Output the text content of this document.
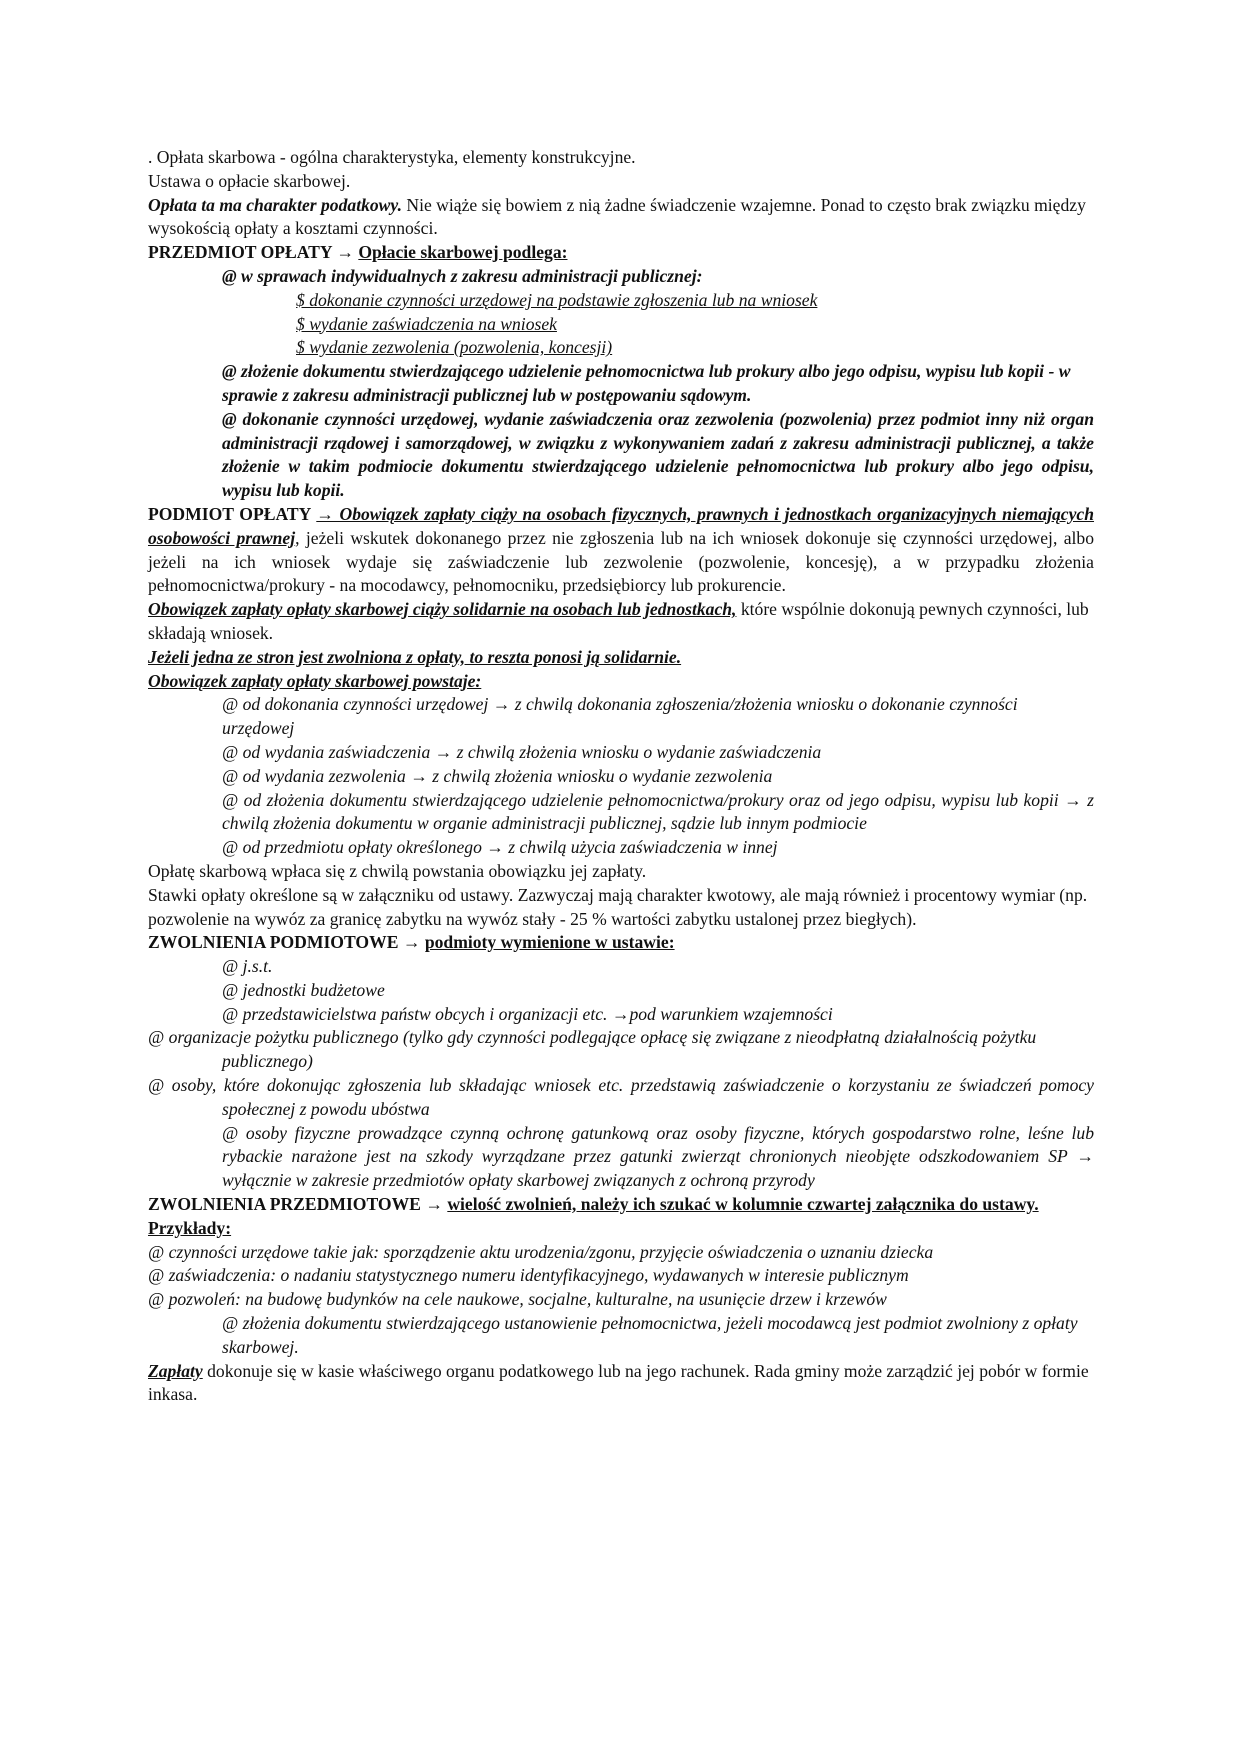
. Opłata skarbowa - ogólna charakterystyka, elementy konstrukcyjne.

Ustawa o opłacie skarbowej.

Opłata ta ma charakter podatkowy. Nie wiąże się bowiem z nią żadne świadczenie wzajemne. Ponad to często brak związku między wysokością opłaty a kosztami czynności.

PRZEDMIOT OPŁATY → Opłacie skarbowej podlega:

@ w sprawach indywidualnych z zakresu administracji publicznej:

$ dokonanie czynności urzędowej na podstawie zgłoszenia lub na wniosek

$ wydanie zaświadczenia na wniosek

$ wydanie zezwolenia (pozwolenia, koncesji)

@ złożenie dokumentu stwierdzającego udzielenie pełnomocnictwa lub prokury albo jego odpisu, wypisu lub kopii - w sprawie z zakresu administracji publicznej lub w postępowaniu sądowym.

@ dokonanie czynności urzędowej, wydanie zaświadczenia oraz zezwolenia (pozwolenia) przez podmiot inny niż organ administracji rządowej i samorządowej, w związku z wykonywaniem zadań z zakresu administracji publicznej, a także złożenie w takim podmiocie dokumentu stwierdzającego udzielenie pełnomocnictwa lub prokury albo jego odpisu, wypisu lub kopii.

PODMIOT OPŁATY → Obowiązek zapłaty ciąży na osobach fizycznych, prawnych i jednostkach organizacyjnych niemających osobowości prawnej, jeżeli wskutek dokonanego przez nie zgłoszenia lub na ich wniosek dokonuje się czynności urzędowej, albo jeżeli na ich wniosek wydaje się zaświadczenie lub zezwolenie (pozwolenie, koncesję), a w przypadku złożenia pełnomocnictwa/prokury - na mocodawcy, pełnomocniku, przedsiębiorcy lub prokurencie.

Obowiązek zapłaty opłaty skarbowej ciąży solidarnie na osobach lub jednostkach, które wspólnie dokonują pewnych czynności, lub składają wniosek.

Jeżeli jedna ze stron jest zwolniona z opłaty, to reszta ponosi ją solidarnie.

Obowiązek zapłaty opłaty skarbowej powstaje:

@ od dokonania czynności urzędowej → z chwilą dokonania zgłoszenia/złożenia wniosku o dokonanie czynności urzędowej

@ od wydania zaświadczenia → z chwilą złożenia wniosku o wydanie zaświadczenia

@ od wydania zezwolenia → z chwilą złożenia wniosku o wydanie zezwolenia

@ od złożenia dokumentu stwierdzającego udzielenie pełnomocnictwa/prokury oraz od jego odpisu, wypisu lub kopii → z chwilą złożenia dokumentu w organie administracji publicznej, sądzie lub innym podmiocie

@ od przedmiotu opłaty określonego → z chwilą użycia zaświadczenia w innej

Opłatę skarbową wpłaca się z chwilą powstania obowiązku jej zapłaty.

Stawki opłaty określone są w załączniku od ustawy. Zazwyczaj mają charakter kwotowy, ale mają również i procentowy wymiar (np. pozwolenie na wywóz za granicę zabytku na wywóz stały - 25 % wartości zabytku ustalonej przez biegłych).

ZWOLNIENIA PODMIOTOWE → podmioty wymienione w ustawie:

@ j.s.t.

@ jednostki budżetowe

@ przedstawicielstwa państw obcych i organizacji etc. →pod warunkiem wzajemności

@ organizacje pożytku publicznego (tylko gdy czynności podlegające opłacę się związane z nieodpłatną działalnością pożytku publicznego)

@ osoby, które dokonując zgłoszenia lub składając wniosek etc. przedstawią zaświadczenie o korzystaniu ze świadczeń pomocy społecznej z powodu ubóstwa

@ osoby fizyczne prowadzące czynną ochronę gatunkową oraz osoby fizyczne, których gospodarstwo rolne, leśne lub rybackie narażone jest na szkody wyrządzane przez gatunki zwierząt chronionych nieobjęte odszkodowaniem SP → wyłącznie w zakresie przedmiotów opłaty skarbowej związanych z ochroną przyrody

ZWOLNIENIA PRZEDMIOTOWE → wielość zwolnień, należy ich szukać w kolumnie czwartej załącznika do ustawy. Przykłady:

@ czynności urzędowe takie jak: sporządzenie aktu urodzenia/zgonu, przyjęcie oświadczenia o uznaniu dziecka

@ zaświadczenia: o nadaniu statystycznego numeru identyfikacyjnego, wydawanych w interesie publicznym

@ pozwoleń: na budowę budynków na cele naukowe, socjalne, kulturalne, na usunięcie drzew i krzewów

@ złożenia dokumentu stwierdzającego ustanowienie pełnomocnictwa, jeżeli mocodawcą jest podmiot zwolniony z opłaty skarbowej.

Zapłaty dokonuje się w kasie właściwego organu podatkowego lub na jego rachunek. Rada gminy może zarządzić jej pobór w formie inkasa.
